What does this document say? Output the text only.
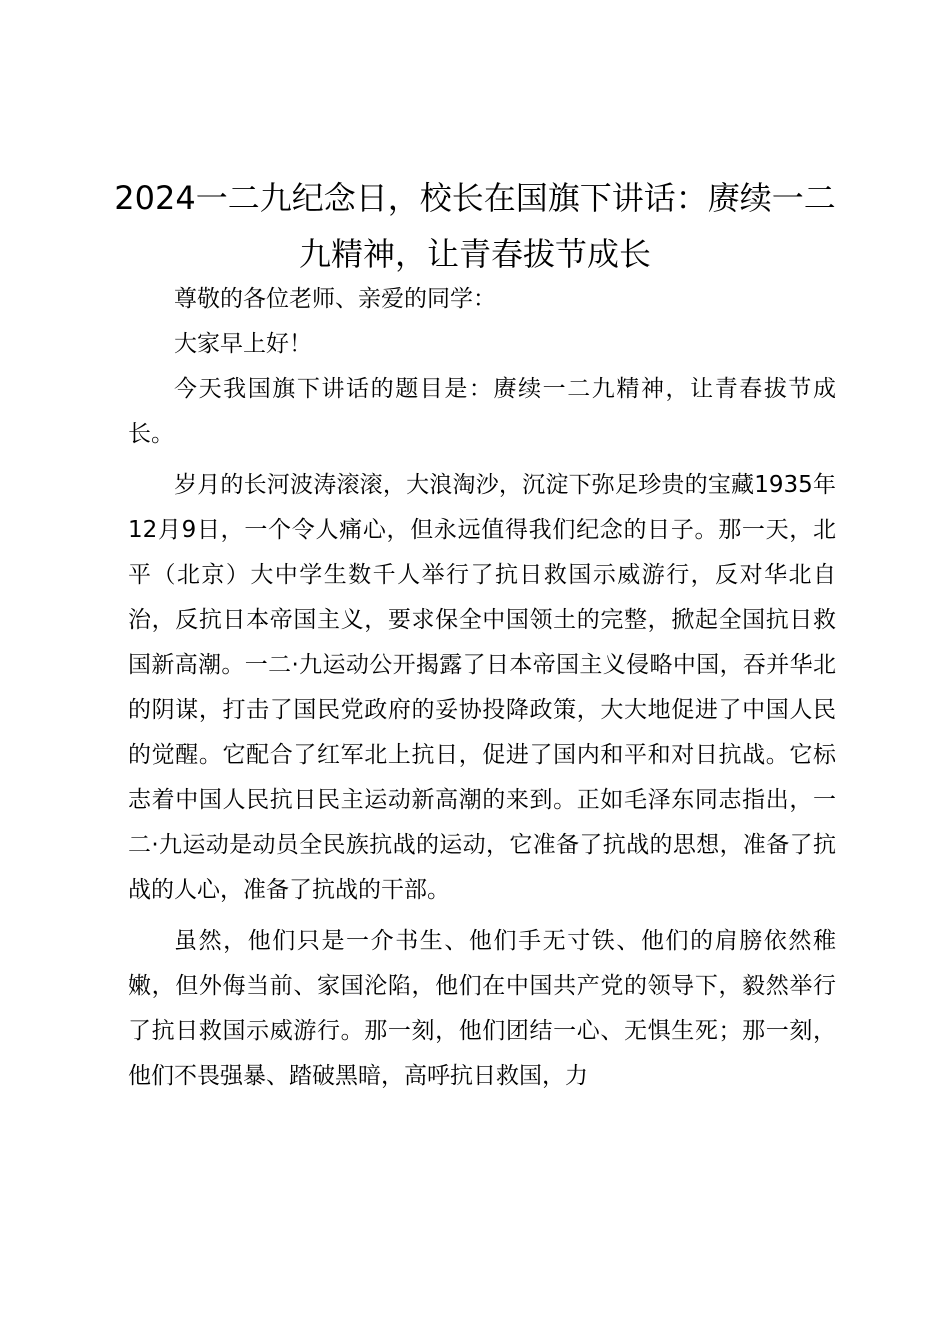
2024一二九纪念日，校长在国旗下讲话：赓续一二九精神，让青春拔节成长

尊敬的各位老师、亲爱的同学：

大家早上好！

今天我国旗下讲话的题目是：赓续一二九精神，让青春拔节成长。

岁月的长河波涛滚滚，大浪淘沙，沉淀下弥足珍贵的宝藏1935年12月9日，一个令人痛心，但永远值得我们纪念的日子。那一天，北平（北京）大中学生数千人举行了抗日救国示威游行，反对华北自治，反抗日本帝国主义，要求保全中国领土的完整，掀起全国抗日救国新高潮。一二·九运动公开揭露了日本帝国主义侵略中国，吞并华北的阴谋，打击了国民党政府的妥协投降政策，大大地促进了中国人民的觉醒。它配合了红军北上抗日，促进了国内和平和对日抗战。它标志着中国人民抗日民主运动新高潮的来到。正如毛泽东同志指出，一二·九运动是动员全民族抗战的运动，它准备了抗战的思想，准备了抗战的人心，准备了抗战的干部。

虽然，他们只是一介书生、他们手无寸铁、他们的肩膀依然稚嫩，但外侮当前、家国沦陷，他们在中国共产党的领导下，毅然举行了抗日救国示威游行。那一刻，他们团结一心、无惧生死；那一刻，他们不畏强暴、踏破黑暗，高呼抗日救国，力
